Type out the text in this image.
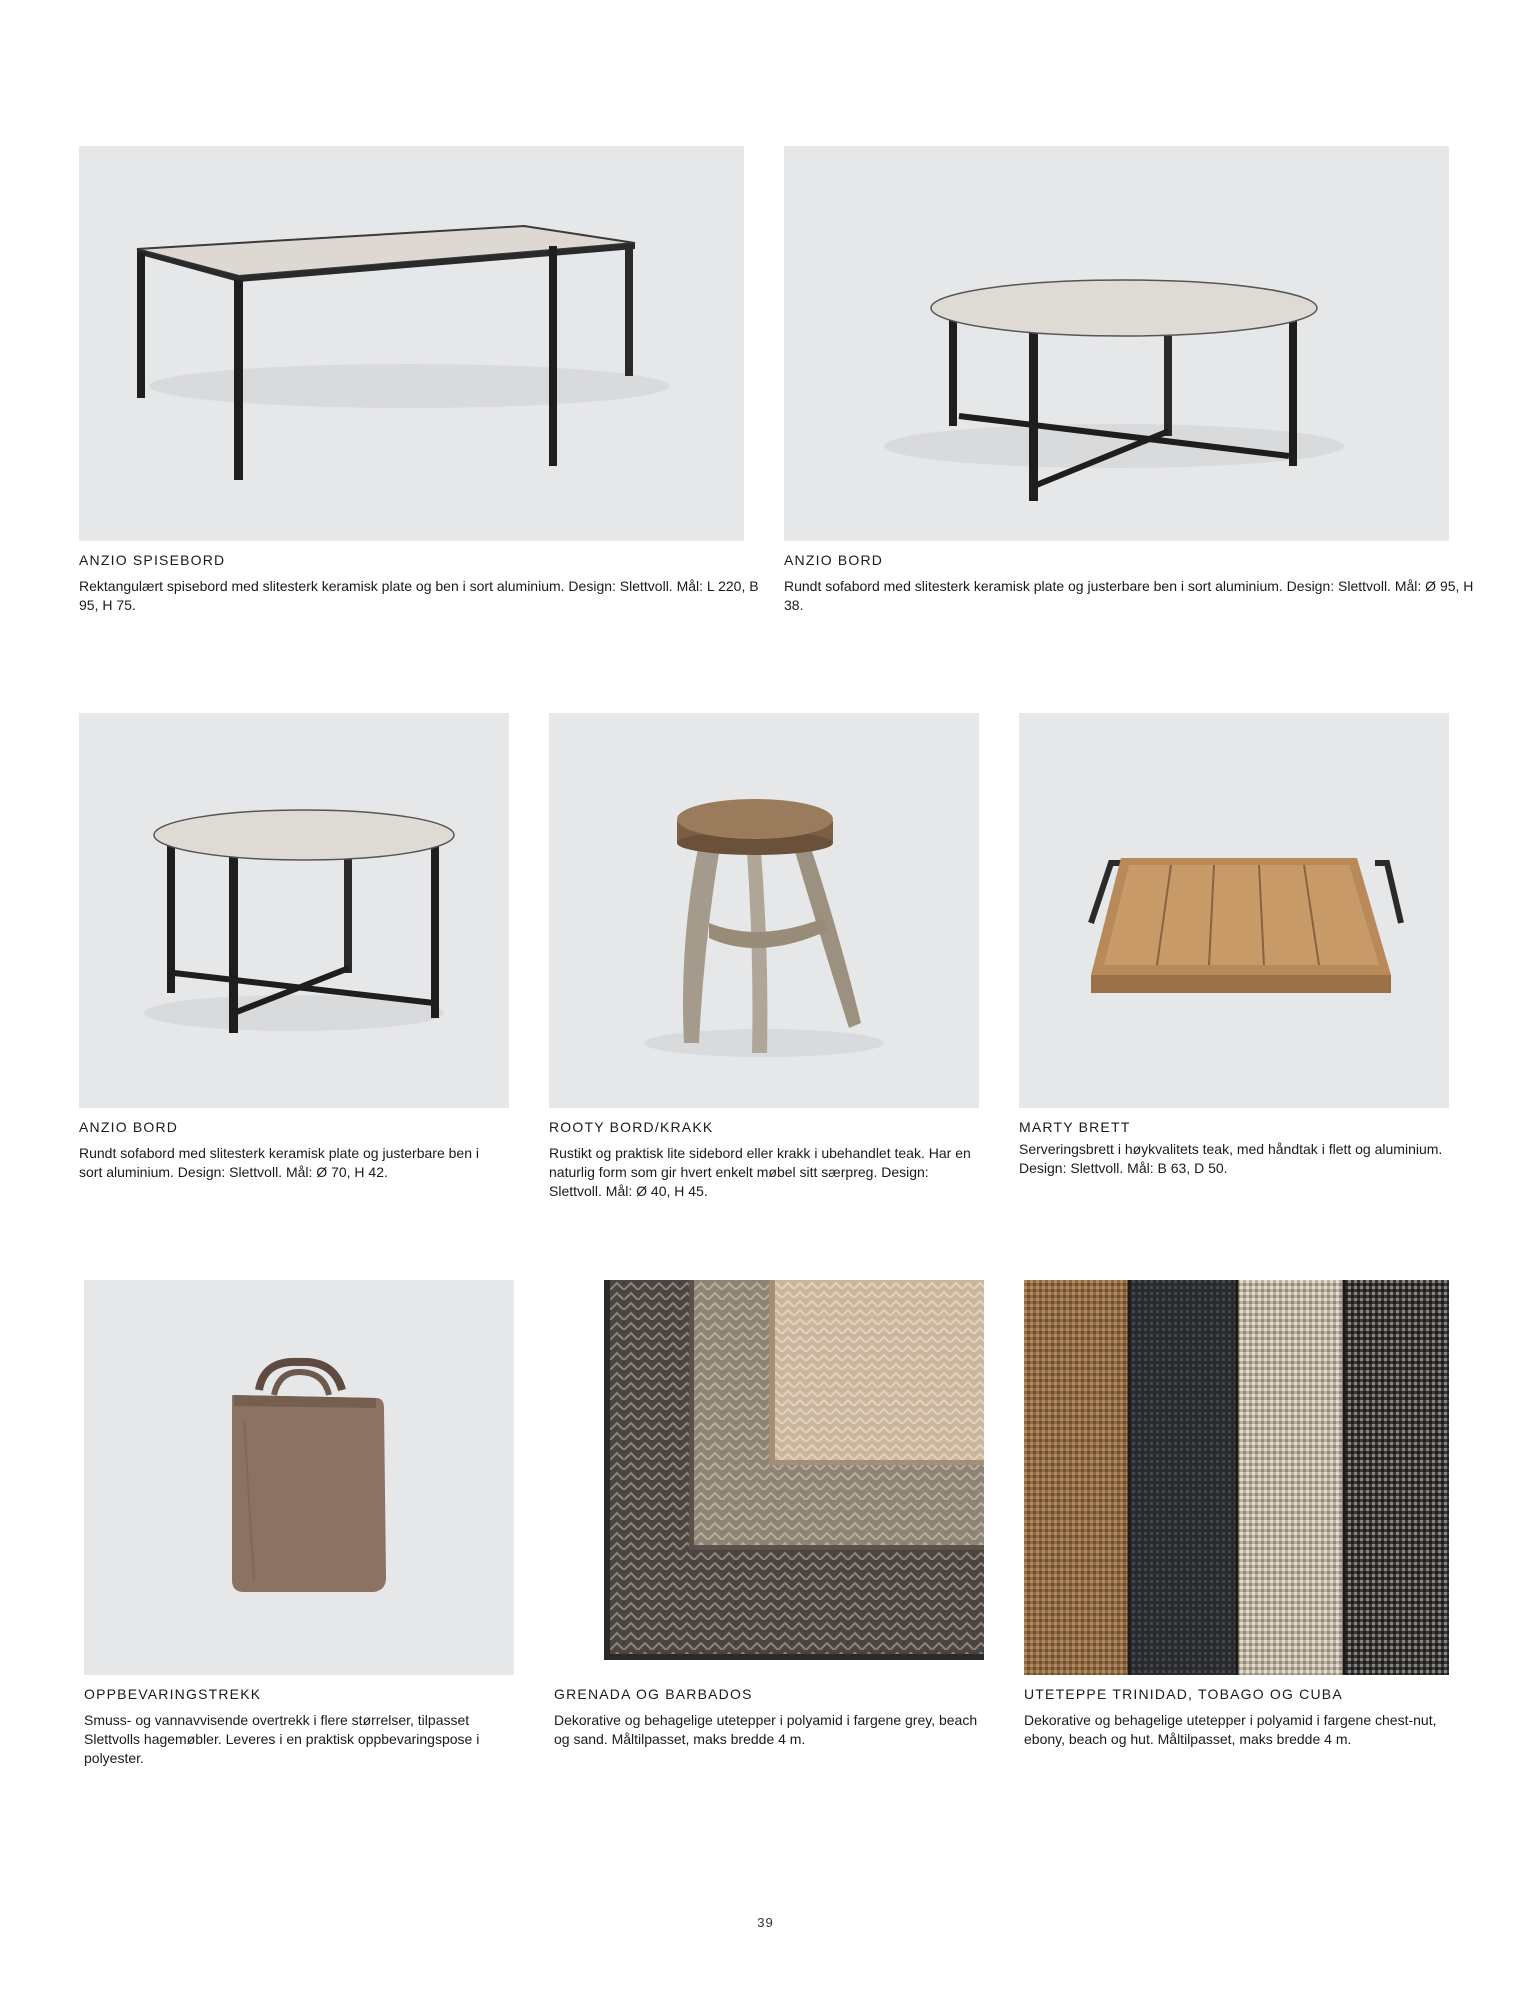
ANZIO SPISEBORD
Rektangulært spisebord med slitesterk keramisk plate og ben i sort aluminium. Design: Slettvoll. Mål: L 220, B 95, H 75.
ANZIO BORD
Rundt sofabord med slitesterk keramisk plate og justerbare ben i sort aluminium. Design: Slettvoll. Mål: Ø 95, H 38.
ANZIO BORD
Rundt sofabord med slitesterk keramisk plate og justerbare ben i sort aluminium. Design: Slettvoll. Mål: Ø 70, H 42.
ROOTY BORD/KRAKK
Rustikt og praktisk lite sidebord eller krakk i ubehandlet teak. Har en naturlig form som gir hvert enkelt møbel sitt særpreg. Design: Slettvoll. Mål: Ø 40, H 45.
MARTY BRETT
Serveringsbrett i høykvalitets teak, med håndtak i flett og aluminium. Design: Slettvoll. Mål: B 63, D 50.
OPPBEVARINGSTREKK
Smuss- og vannavvisende overtrekk i flere størrelser, tilpasset Slettvolls hagemøbler. Leveres i en praktisk oppbevaringspose i polyester.
GRENADA OG BARBADOS
Dekorative og behagelige utetepper i polyamid i fargene grey, beach og sand. Måltilpasset, maks bredde 4 m.
UTETEPPE TRINIDAD, TOBAGO OG CUBA
Dekorative og behagelige utetepper i polyamid i fargene chest-nut, ebony, beach og hut. Måltilpasset, maks bredde 4 m.
39
